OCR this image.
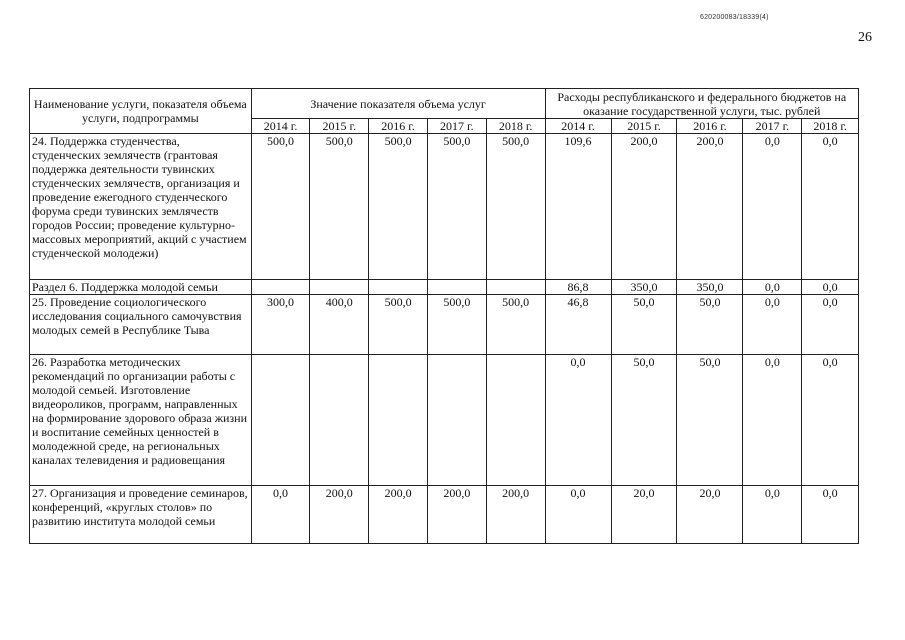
620200083/18339(4)
26
Наименование услуги, показателя объема услуги, подпрограммы	Значение показателя объема услуг					Расходы республиканского и федерального бюджетов на оказание государственной услуги, тыс. рублей				
	2014 г.	2015 г.	2016 г.	2017 г.	2018 г.	2014 г.	2015 г.	2016 г.	2017 г.	2018 г.
24. Поддержка студенчества, студенческих землячеств (грантовая поддержка деятельности тувинских студенческих землячеств, организация и проведение ежегодного студенческого форума среди тувинских землячеств городов России; проведение культурно-массовых мероприятий, акций с участием студенческой молодежи)	500,0	500,0	500,0	500,0	500,0	109,6	200,0	200,0	0,0	0,0
Раздел 6. Поддержка молодой семьи						86,8	350,0	350,0	0,0	0,0
25. Проведение социологического исследования социального самочувствия молодых семей в Республике Тыва	300,0	400,0	500,0	500,0	500,0	46,8	50,0	50,0	0,0	0,0
26. Разработка методических рекомендаций по организации работы с молодой семьей. Изготовление видеороликов, программ, направленных на формирование здорового образа жизни и воспитание семейных ценностей в молодежной среде, на региональных каналах телевидения и радиовещания						0,0	50,0	50,0	0,0	0,0
27. Организация и проведение семинаров, конференций, «круглых столов» по развитию института молодой семьи	0,0	200,0	200,0	200,0	200,0	0,0	20,0	20,0	0,0	0,0
